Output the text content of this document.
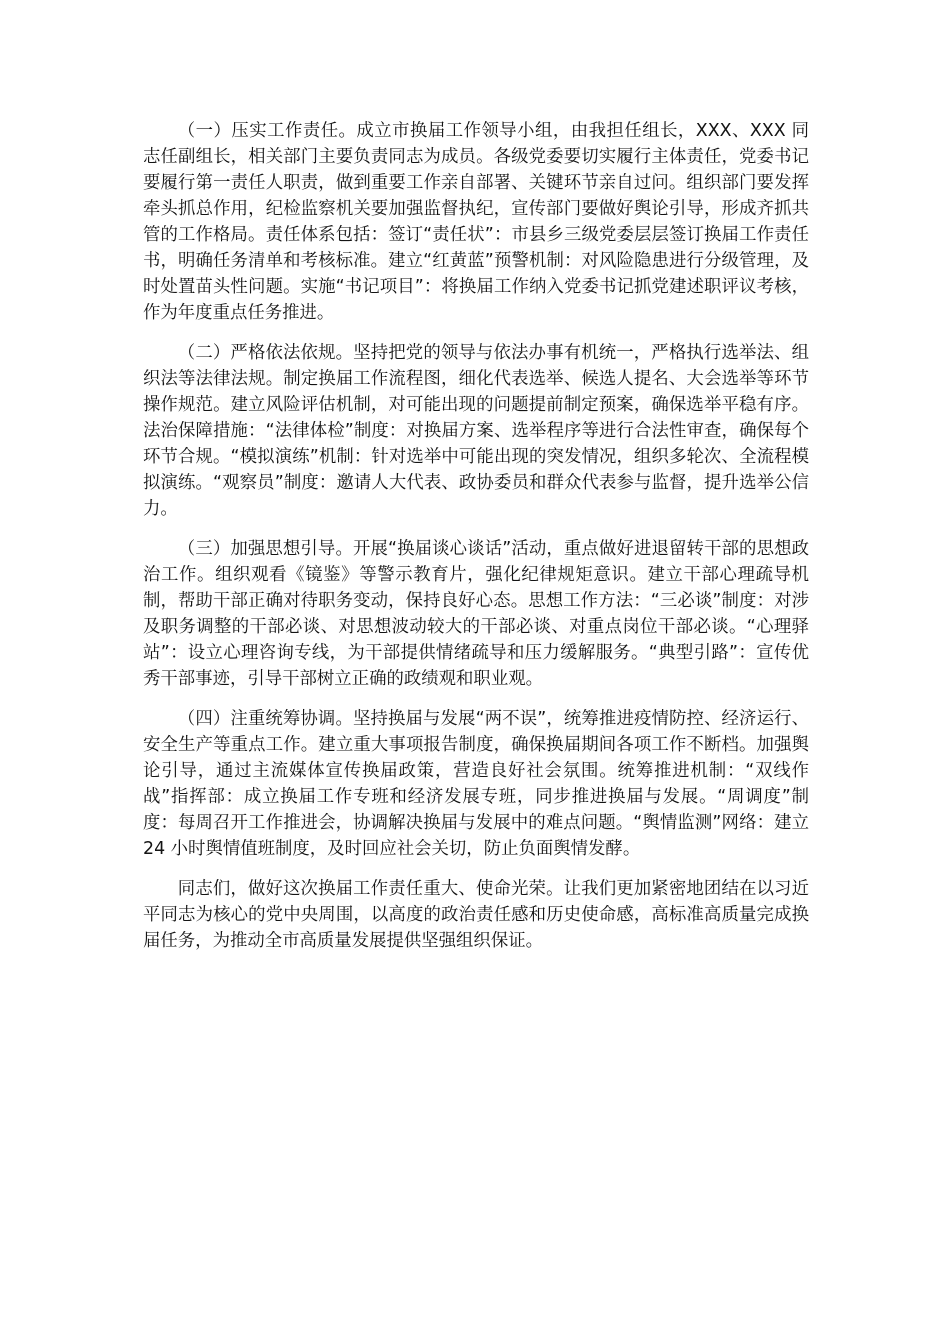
（一）压实工作责任。成立市换届工作领导小组，由我担任组长，XXX、XXX 同志任副组长，相关部门主要负责同志为成员。各级党委要切实履行主体责任，党委书记要履行第一责任人职责，做到重要工作亲自部署、关键环节亲自过问。组织部门要发挥牵头抓总作用，纪检监察机关要加强监督执纪，宣传部门要做好舆论引导，形成齐抓共管的工作格局。责任体系包括：签订“责任状”：市县乡三级党委层层签订换届工作责任书，明确任务清单和考核标准。建立“红黄蓝”预警机制：对风险隐患进行分级管理，及时处置苗头性问题。实施“书记项目”：将换届工作纳入党委书记抓党建述职评议考核，作为年度重点任务推进。

（二）严格依法依规。坚持把党的领导与依法办事有机统一，严格执行选举法、组织法等法律法规。制定换届工作流程图，细化代表选举、候选人提名、大会选举等环节操作规范。建立风险评估机制，对可能出现的问题提前制定预案，确保选举平稳有序。法治保障措施：“法律体检”制度：对换届方案、选举程序等进行合法性审查，确保每个环节合规。“模拟演练”机制：针对选举中可能出现的突发情况，组织多轮次、全流程模拟演练。“观察员”制度：邀请人大代表、政协委员和群众代表参与监督，提升选举公信力。

（三）加强思想引导。开展“换届谈心谈话”活动，重点做好进退留转干部的思想政治工作。组织观看《镜鉴》等警示教育片，强化纪律规矩意识。建立干部心理疏导机制，帮助干部正确对待职务变动，保持良好心态。思想工作方法：“三必谈”制度：对涉及职务调整的干部必谈、对思想波动较大的干部必谈、对重点岗位干部必谈。“心理驿站”：设立心理咨询专线，为干部提供情绪疏导和压力缓解服务。“典型引路”：宣传优秀干部事迹，引导干部树立正确的政绩观和职业观。

（四）注重统筹协调。坚持换届与发展“两不误”，统筹推进疫情防控、经济运行、安全生产等重点工作。建立重大事项报告制度，确保换届期间各项工作不断档。加强舆论引导，通过主流媒体宣传换届政策，营造良好社会氛围。统筹推进机制：“双线作战”指挥部：成立换届工作专班和经济发展专班，同步推进换届与发展。“周调度”制度：每周召开工作推进会，协调解决换届与发展中的难点问题。“舆情监测”网络：建立 24 小时舆情值班制度，及时回应社会关切，防止负面舆情发酵。

同志们，做好这次换届工作责任重大、使命光荣。让我们更加紧密地团结在以习近平同志为核心的党中央周围，以高度的政治责任感和历史使命感，高标准高质量完成换届任务，为推动全市高质量发展提供坚强组织保证。
